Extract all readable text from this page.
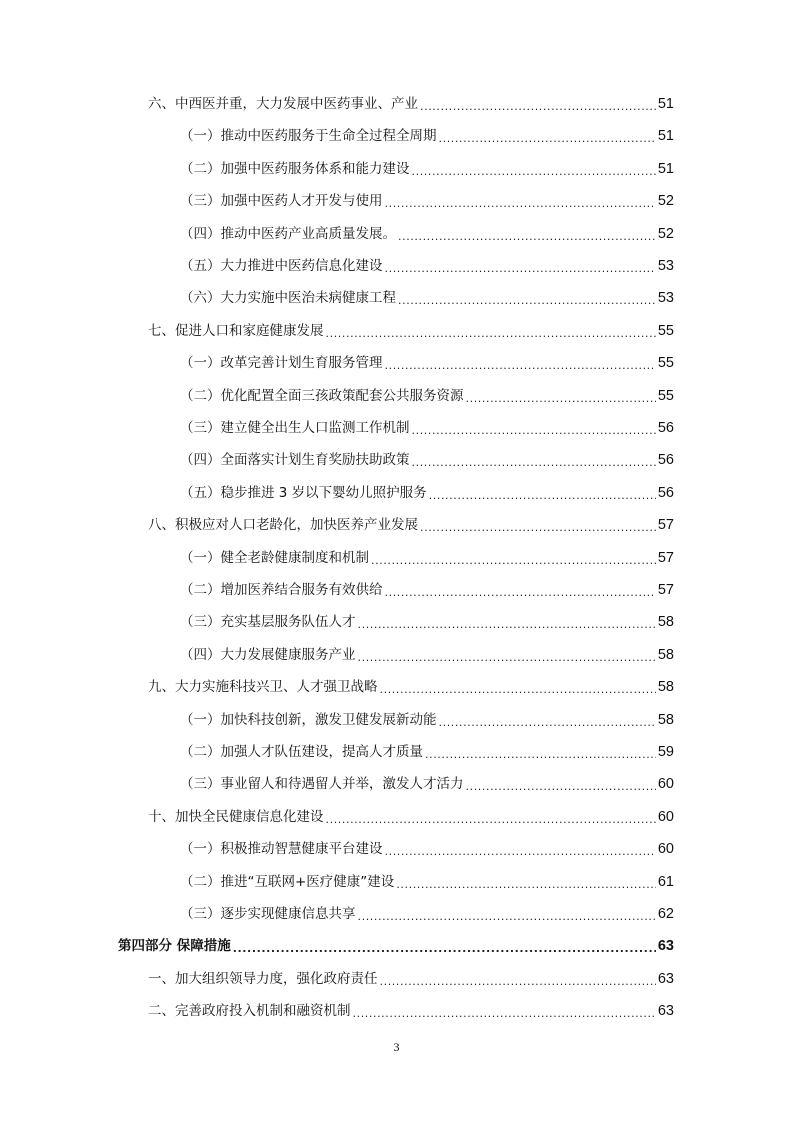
六、中西医并重，大力发展中医药事业、产业 .....	51
（一）推动中医药服务于生命全过程全周期 .....	51
（二）加强中医药服务体系和能力建设 .....	51
（三）加强中医药人才开发与使用 .....	52
（四）推动中医药产业高质量发展。 .....	52
（五）大力推进中医药信息化建设 .....	53
（六）大力实施中医治未病健康工程 .....	53
七、促进人口和家庭健康发展 .....	55
（一）改革完善计划生育服务管理 .....	55
（二）优化配置全面三孩政策配套公共服务资源 .....	55
（三）建立健全出生人口监测工作机制 .....	56
（四）全面落实计划生育奖励扶助政策 .....	56
（五）稳步推进 3 岁以下婴幼儿照护服务 .....	56
八、积极应对人口老龄化，加快医养产业发展 .....	57
（一）健全老龄健康制度和机制 .....	57
（二）增加医养结合服务有效供给 .....	57
（三）充实基层服务队伍人才 .....	58
（四）大力发展健康服务产业 .....	58
九、大力实施科技兴卫、人才强卫战略 .....	58
（一）加快科技创新，激发卫健发展新动能 .....	58
（二）加强人才队伍建设，提高人才质量 .....	59
（三）事业留人和待遇留人并举，激发人才活力 .....	60
十、加快全民健康信息化建设 .....	60
（一）积极推动智慧健康平台建设 .....	60
（二）推进“互联网+医疗健康”建设 .....	61
（三）逐步实现健康信息共享 .....	62
第四部分 保障措施 .....	63
一、加大组织领导力度，强化政府责任 .....	63
二、完善政府投入机制和融资机制 .....	63
3
